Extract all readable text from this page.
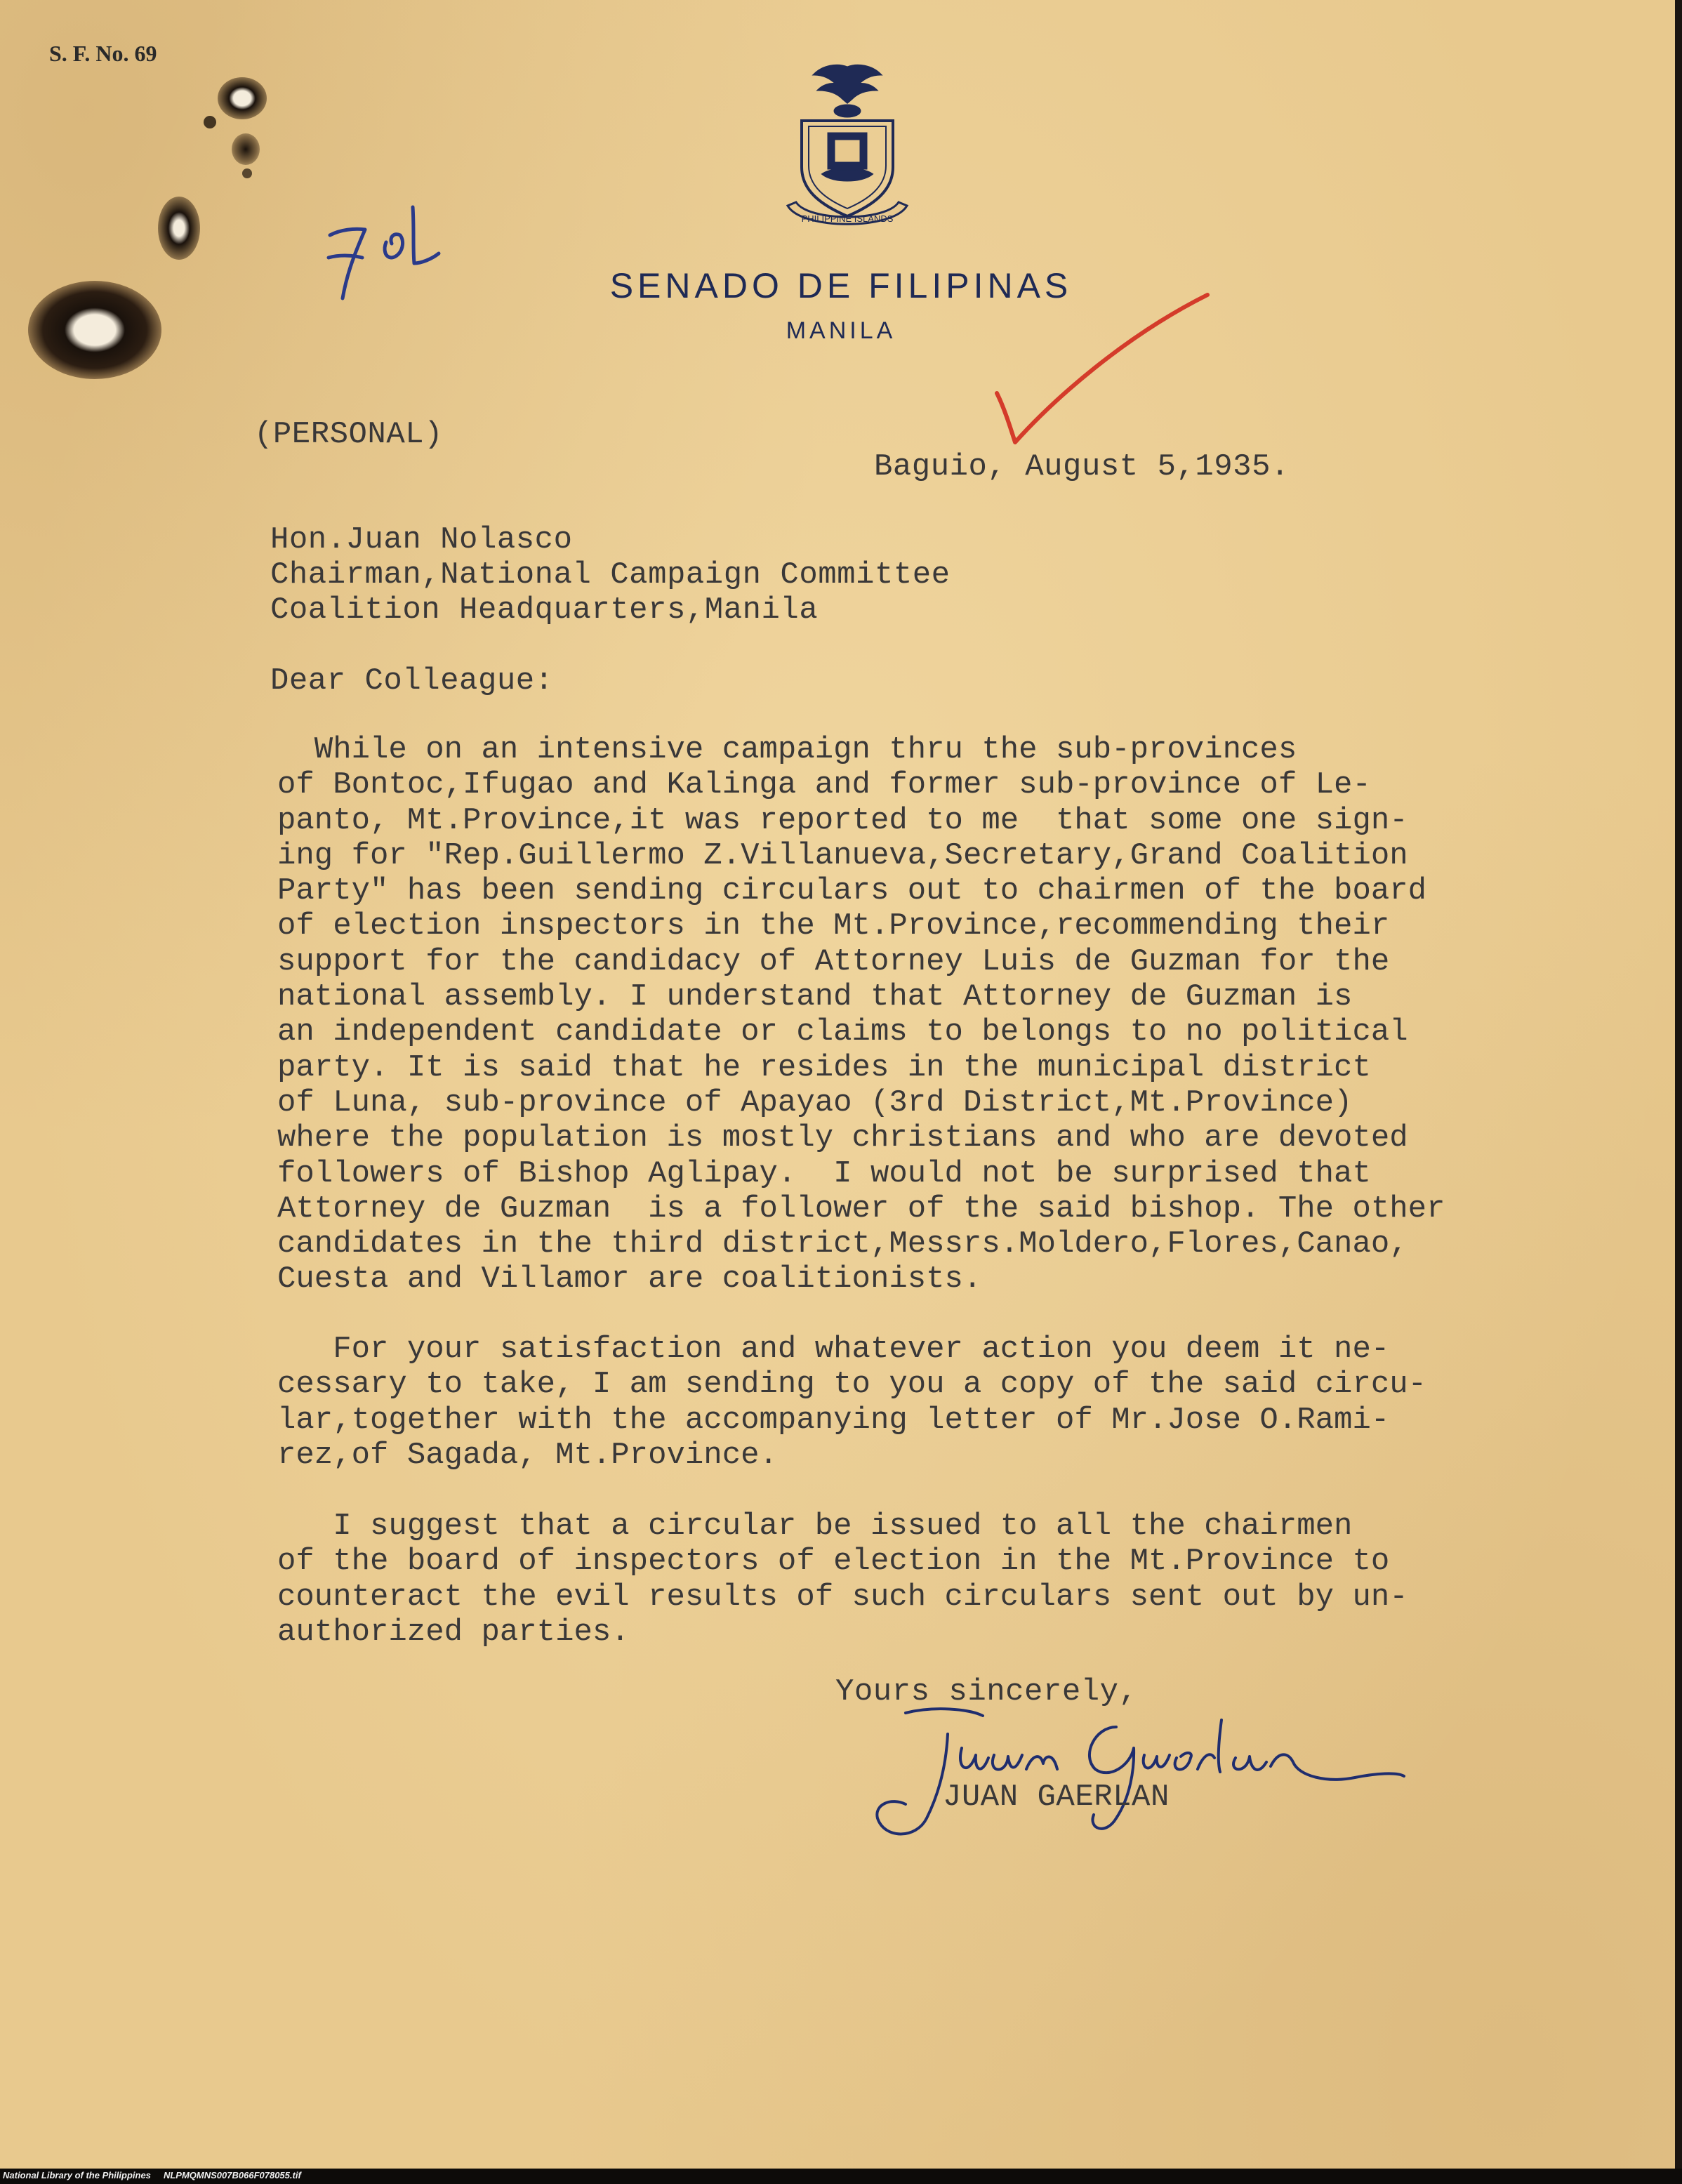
National Library of the Philippines     NLPMQMNS007B066F078055.tif
S. F. No. 69
PHILIPPINE ISLANDS
SENADO DE FILIPINAS
MANILA
(PERSONAL)
Baguio, August 5,1935.
Hon.Juan Nolasco
Chairman,National Campaign Committee
Coalition Headquarters,Manila
Dear Colleague:
While on an intensive campaign thru the sub-provinces
of Bontoc,Ifugao and Kalinga and former sub-province of Le-
panto, Mt.Province,it was reported to me  that some one sign-
ing for "Rep.Guillermo Z.Villanueva,Secretary,Grand Coalition
Party" has been sending circulars out to chairmen of the board
of election inspectors in the Mt.Province,recommending their
support for the candidacy of Attorney Luis de Guzman for the
national assembly. I understand that Attorney de Guzman is
an independent candidate or claims to belongs to no political
party. It is said that he resides in the municipal district
of Luna, sub-province of Apayao (3rd District,Mt.Province)
where the population is mostly christians and who are devoted
followers of Bishop Aglipay.  I would not be surprised that
Attorney de Guzman  is a follower of the said bishop. The other
candidates in the third district,Messrs.Moldero,Flores,Canao,
Cuesta and Villamor are coalitionists.
For your satisfaction and whatever action you deem it ne-
cessary to take, I am sending to you a copy of the said circu-
lar,together with the accompanying letter of Mr.Jose O.Rami-
rez,of Sagada, Mt.Province.
I suggest that a circular be issued to all the chairmen
of the board of inspectors of election in the Mt.Province to
counteract the evil results of such circulars sent out by un-
authorized parties.
Yours sincerely,
JUAN GAERLAN
